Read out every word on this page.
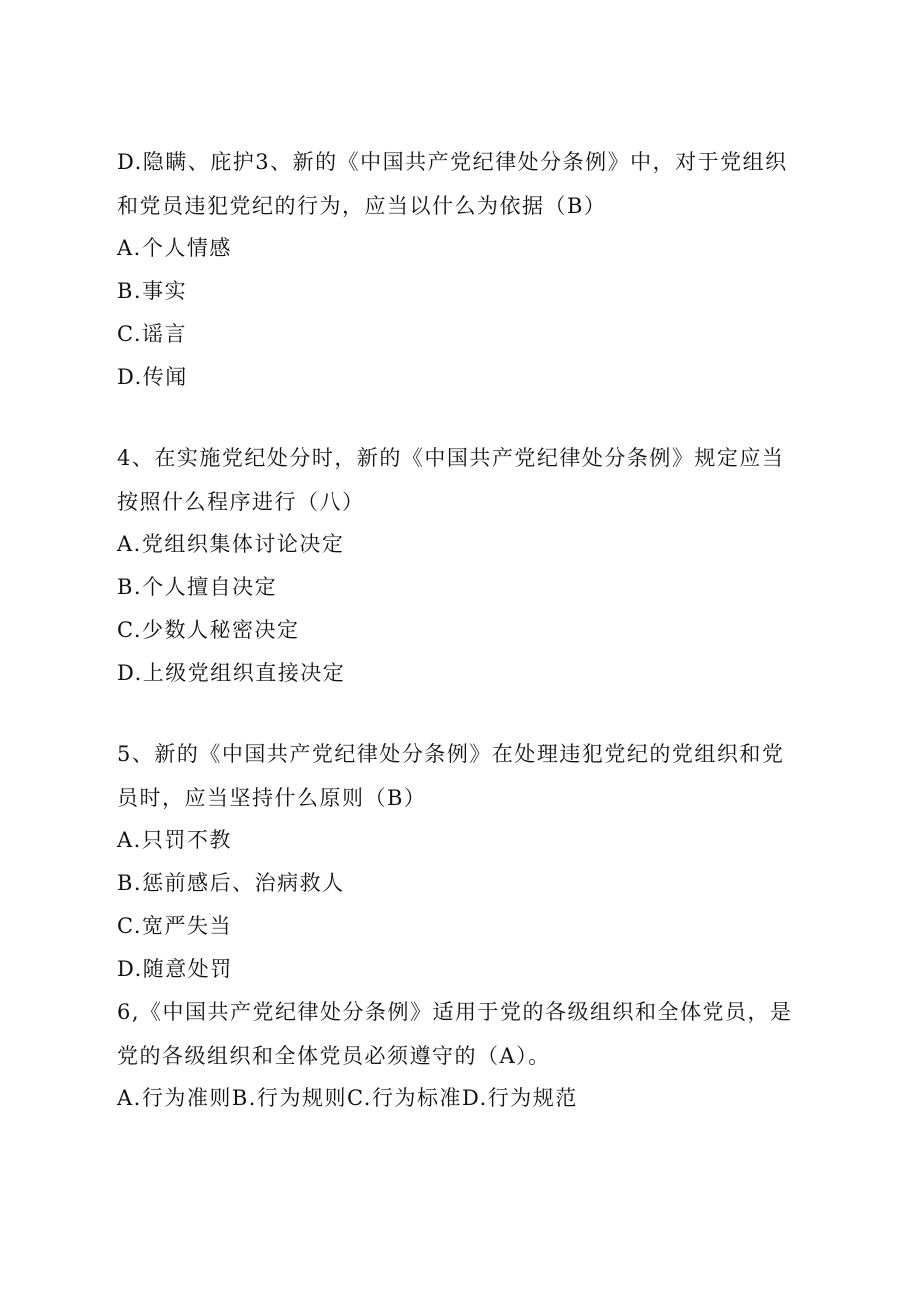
D.隐瞒、庇护3、新的《中国共产党纪律处分条例》中，对于党组织
和党员违犯党纪的行为，应当以什么为依据（B）
A.个人情感
B.事实
C.谣言
D.传闻
4、在实施党纪处分时，新的《中国共产党纪律处分条例》规定应当
按照什么程序进行（八）
A.党组织集体讨论决定
B.个人擅自决定
C.少数人秘密决定
D.上级党组织直接决定
5、新的《中国共产党纪律处分条例》在处理违犯党纪的党组织和党
员时，应当坚持什么原则（B）
A.只罚不教
B.惩前感后、治病救人
C.宽严失当
D.随意处罚
6,《中国共产党纪律处分条例》适用于党的各级组织和全体党员，是
党的各级组织和全体党员必须遵守的（A）。
A.行为准则B.行为规则C.行为标准D.行为规范
